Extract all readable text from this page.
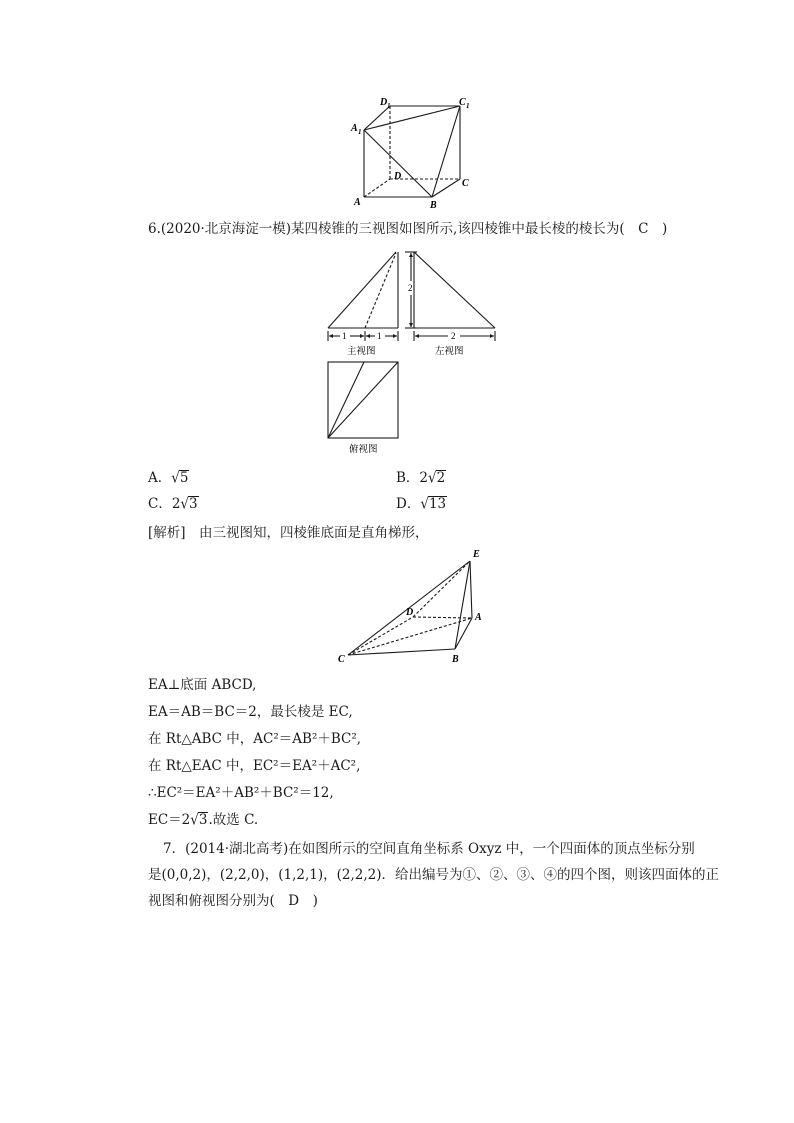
D 1	C 1
A 1
D
C
A	B
6.(2020·北京海淀一模)某四棱锥的三视图如图所示,该四棱锥中最长棱的棱长为(　C　)
1	1
2
2
主视图	左视图
俯视图
A．√5	B．2√2
C．2√3	D．√13
[解析]　由三视图知，四棱锥底面是直角梯形，
E
D	A
C	B
EA⊥底面 ABCD,
EA＝AB＝BC＝2，最长棱是 EC,
在 Rt△ABC 中，AC²＝AB²＋BC²,
在 Rt△EAC 中，EC²＝EA²＋AC²,
∴EC²＝EA²＋AB²＋BC²＝12,
EC＝2√3.故选 C.
7．(2014·湖北高考)在如图所示的空间直角坐标系 Oxyz 中，一个四面体的顶点坐标分别
是(0,0,2)，(2,2,0)，(1,2,1)，(2,2,2)．给出编号为①、②、③、④的四个图，则该四面体的正
视图和俯视图分别为(　D　)
